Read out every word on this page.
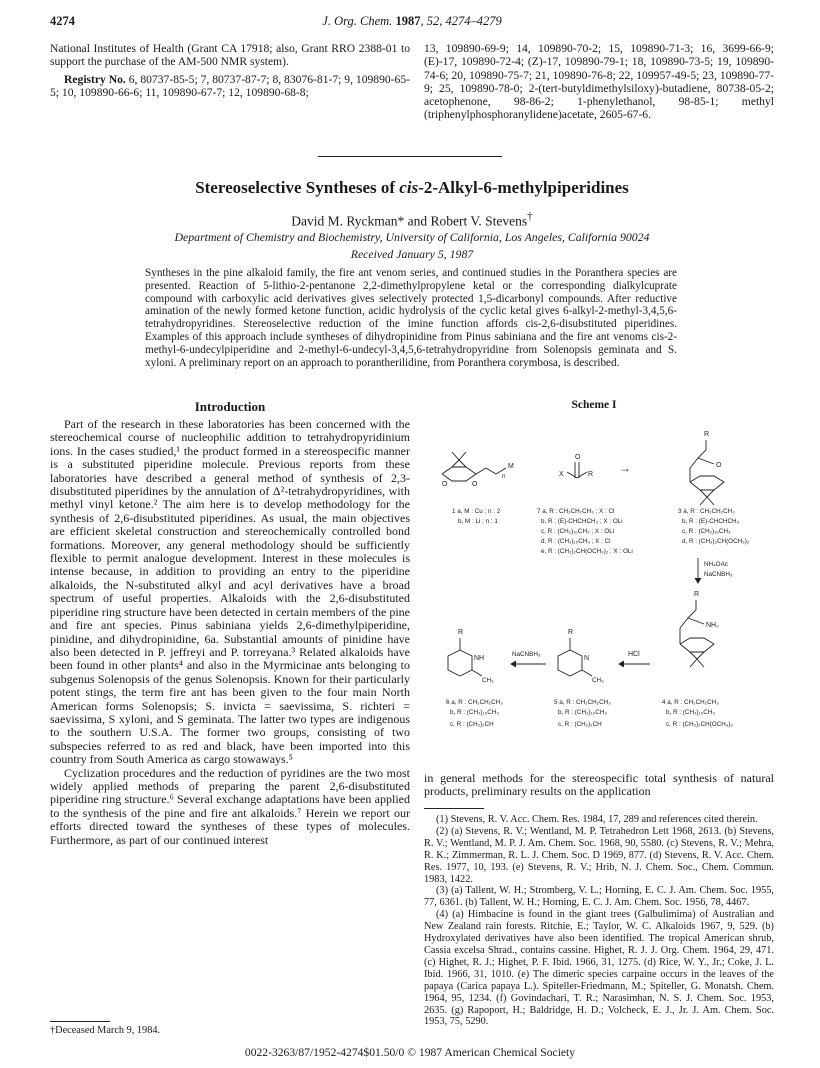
4274	J. Org. Chem. 1987, 52, 4274–4279

National Institutes of Health (Grant CA 17918; also, Grant RRO 2388-01 to support the purchase of the AM-500 NMR system).

Registry No. 6, 80737-85-5; 7, 80737-87-7; 8, 83076-81-7; 9, 109890-65-5; 10, 109890-66-6; 11, 109890-67-7; 12, 109890-68-8;

13, 109890-69-9; 14, 109890-70-2; 15, 109890-71-3; 16, 3699-66-9; (E)-17, 109890-72-4; (Z)-17, 109890-79-1; 18, 109890-73-5; 19, 109890-74-6; 20, 109890-75-7; 21, 109890-76-8; 22, 109957-49-5; 23, 109890-77-9; 25, 109890-78-0; 2-(tert-butyldimethylsiloxy)-butadiene, 80738-05-2; acetophenone, 98-86-2; 1-phenylethanol, 98-85-1; methyl (triphenylphosphoranylidene)acetate, 2605-67-6.

Stereoselective Syntheses of cis-2-Alkyl-6-methylpiperidines
David M. Ryckman* and Robert V. Stevens†
Department of Chemistry and Biochemistry, University of California, Los Angeles, California 90024
Received January 5, 1987
Syntheses in the pine alkaloid family, the fire ant venom series, and continued studies in the Poranthera species are presented. Reaction of 5-lithio-2-pentanone 2,2-dimethylpropylene ketal or the corresponding dialkylcuprate compound with carboxylic acid derivatives gives selectively protected 1,5-dicarbonyl compounds. After reductive amination of the newly formed ketone function, acidic hydrolysis of the cyclic ketal gives 6-alkyl-2-methyl-3,4,5,6-tetrahydropyridines. Stereoselective reduction of the imine function affords cis-2,6-disubstituted piperidines. Examples of this approach include syntheses of dihydropinidine from Pinus sabiniana and the fire ant venoms cis-2-methyl-6-undecylpiperidine and 2-methyl-6-undecyl-3,4,5,6-tetrahydropyridine from Solenopsis geminata and S. xyloni. A preliminary report on an approach to porantherilidine, from Poranthera corymbosa, is described.
Introduction

Part of the research in these laboratories has been concerned with the stereochemical course of nucleophilic addition to tetrahydropyridinium ions. In the cases studied,¹ the product formed in a stereospecific manner is a substituted piperidine molecule. Previous reports from these laboratories have described a general method of synthesis of 2,3-disubstituted piperidines by the annulation of Δ²-tetrahydropyridines, with methyl vinyl ketone.² The aim here is to develop methodology for the synthesis of 2,6-disubstituted piperidines. As usual, the main objectives are efficient skeletal construction and stereochemically controlled bond formations. Moreover, any general methodology should be sufficiently flexible to permit analogue development. Interest in these molecules is intense because, in addition to providing an entry to the piperidine alkaloids, the N-substituted alkyl and acyl derivatives have a broad spectrum of useful properties. Alkaloids with the 2,6-disubstituted piperidine ring structure have been detected in certain members of the pine and fire ant species. Pinus sabiniana yields 2,6-dimethylpiperidine, pinidine, and dihydropinidine, 6a. Substantial amounts of pinidine have also been detected in P. jeffreyi and P. torreyana.³ Related alkaloids have been found in other plants⁴ and also in the Myrmicinae ants belonging to subgenus Solenopsis of the genus Solenopsis. Known for their particularly potent stings, the term fire ant has been given to the four main North American forms Solenopsis; S. invicta = saevissima, S. richteri = saevissima, S xyloni, and S geminata. The latter two types are indigenous to the southern U.S.A. The former two groups, consisting of two subspecies referred to as red and black, have been imported into this country from South America as cargo stowaways.⁵

Cyclization procedures and the reduction of pyridines are the two most widely applied methods of preparing the parent 2,6-disubstituted piperidine ring structure.⁶ Several exchange adaptations have been applied to the synthesis of the pine and fire ant alkaloids.⁷ Herein we report our efforts directed toward the syntheses of these types of molecules. Furthermore, as part of our continued interest

Scheme I
O	O
M
n
O
X	R →
R
O
1 a, M : Cu ; n : 2
b, M : Li ; n : 1
7 a, R : CH₂CH₂CH₃ ; X : Cl
b, R : (E)-CHCHCH₃ ; X : OLi
c, R : (CH₂)₁₀CH₃ ; X : OLi
d, R : (CH₂)₁₀CH₃ ; X : Cl
e, R : (CH₂)₂CH(OCH₃)₂ ; X : OLi
3 a, R : CH₂CH₂CH₃
b, R : (E)-CHCHCH₃
c, R : (CH₂)₁₀CH₃
d, R : (CH₂)₂CH(OCH₃)₂
NH₄OAc
NaCNBH₃
R
NH₂
R
NH
CH₃
NaCNBH₃
R
N
CH₃
HCl
6 a, R : CH₂CH₂CH₃
b, R : (CH₂)₁₀CH₃
c, R : (CH₂)₂CH
5 a, R : CH₂CH₂CH₃
b, R : (CH₂)₁₀CH₃
c, R : (CH₂)₂CH
4 a, R : CH₂CH₂CH₃
b, R : (CH₂)₁₀CH₃
c, R : (CH₂)₂CH(OCH₃)₂
in general methods for the stereospecific total synthesis of natural products, preliminary results on the application

(1) Stevens, R. V. Acc. Chem. Res. 1984, 17, 289 and references cited therein.

(2) (a) Stevens, R. V.; Wentland, M. P. Tetrahedron Lett 1968, 2613. (b) Stevens, R. V.; Wentland, M. P. J. Am. Chem. Soc. 1968, 90, 5580. (c) Stevens, R. V.; Mehra, R. K.; Zimmerman, R. L. J. Chem. Soc. D 1969, 877. (d) Stevens, R. V. Acc. Chem. Res. 1977, 10, 193. (e) Stevens, R. V.; Hrib, N. J. Chem. Soc., Chem. Commun. 1983, 1422.

(3) (a) Tallent, W. H.; Stromberg, V. L.; Horning, E. C. J. Am. Chem. Soc. 1955, 77, 6361. (b) Tallent, W. H.; Horning, E. C. J. Am. Chem. Soc. 1956, 78, 4467.

(4) (a) Himbacine is found in the giant trees (Galbulimima) of Australian and New Zealand rain forests. Ritchie, E.; Taylor, W. C. Alkaloids 1967, 9, 529. (b) Hydroxylated derivatives have also been identified. The tropical American shrub, Cassia excelsa Shrad., contains cassine. Highet, R. J. J. Org. Chem. 1964, 29, 471. (c) Highet, R. J.; Highet, P. F. Ibid. 1966, 31, 1275. (d) Rice, W. Y., Jr.; Coke, J. L. Ibid. 1966, 31, 1010. (e) The dimeric species carpaine occurs in the leaves of the papaya (Carica papaya L.). Spiteller-Friedmann, M.; Spiteller, G. Monatsh. Chem. 1964, 95, 1234. (f) Govindachari, T. R.; Narasimhan, N. S. J. Chem. Soc. 1953, 2635. (g) Rapoport, H.; Baldridge, H. D.; Volcheck, E. J., Jr. J. Am. Chem. Soc. 1953, 75, 5290.

†Deceased March 9, 1984.
0022-3263/87/1952-4274$01.50/0 © 1987 American Chemical Society
